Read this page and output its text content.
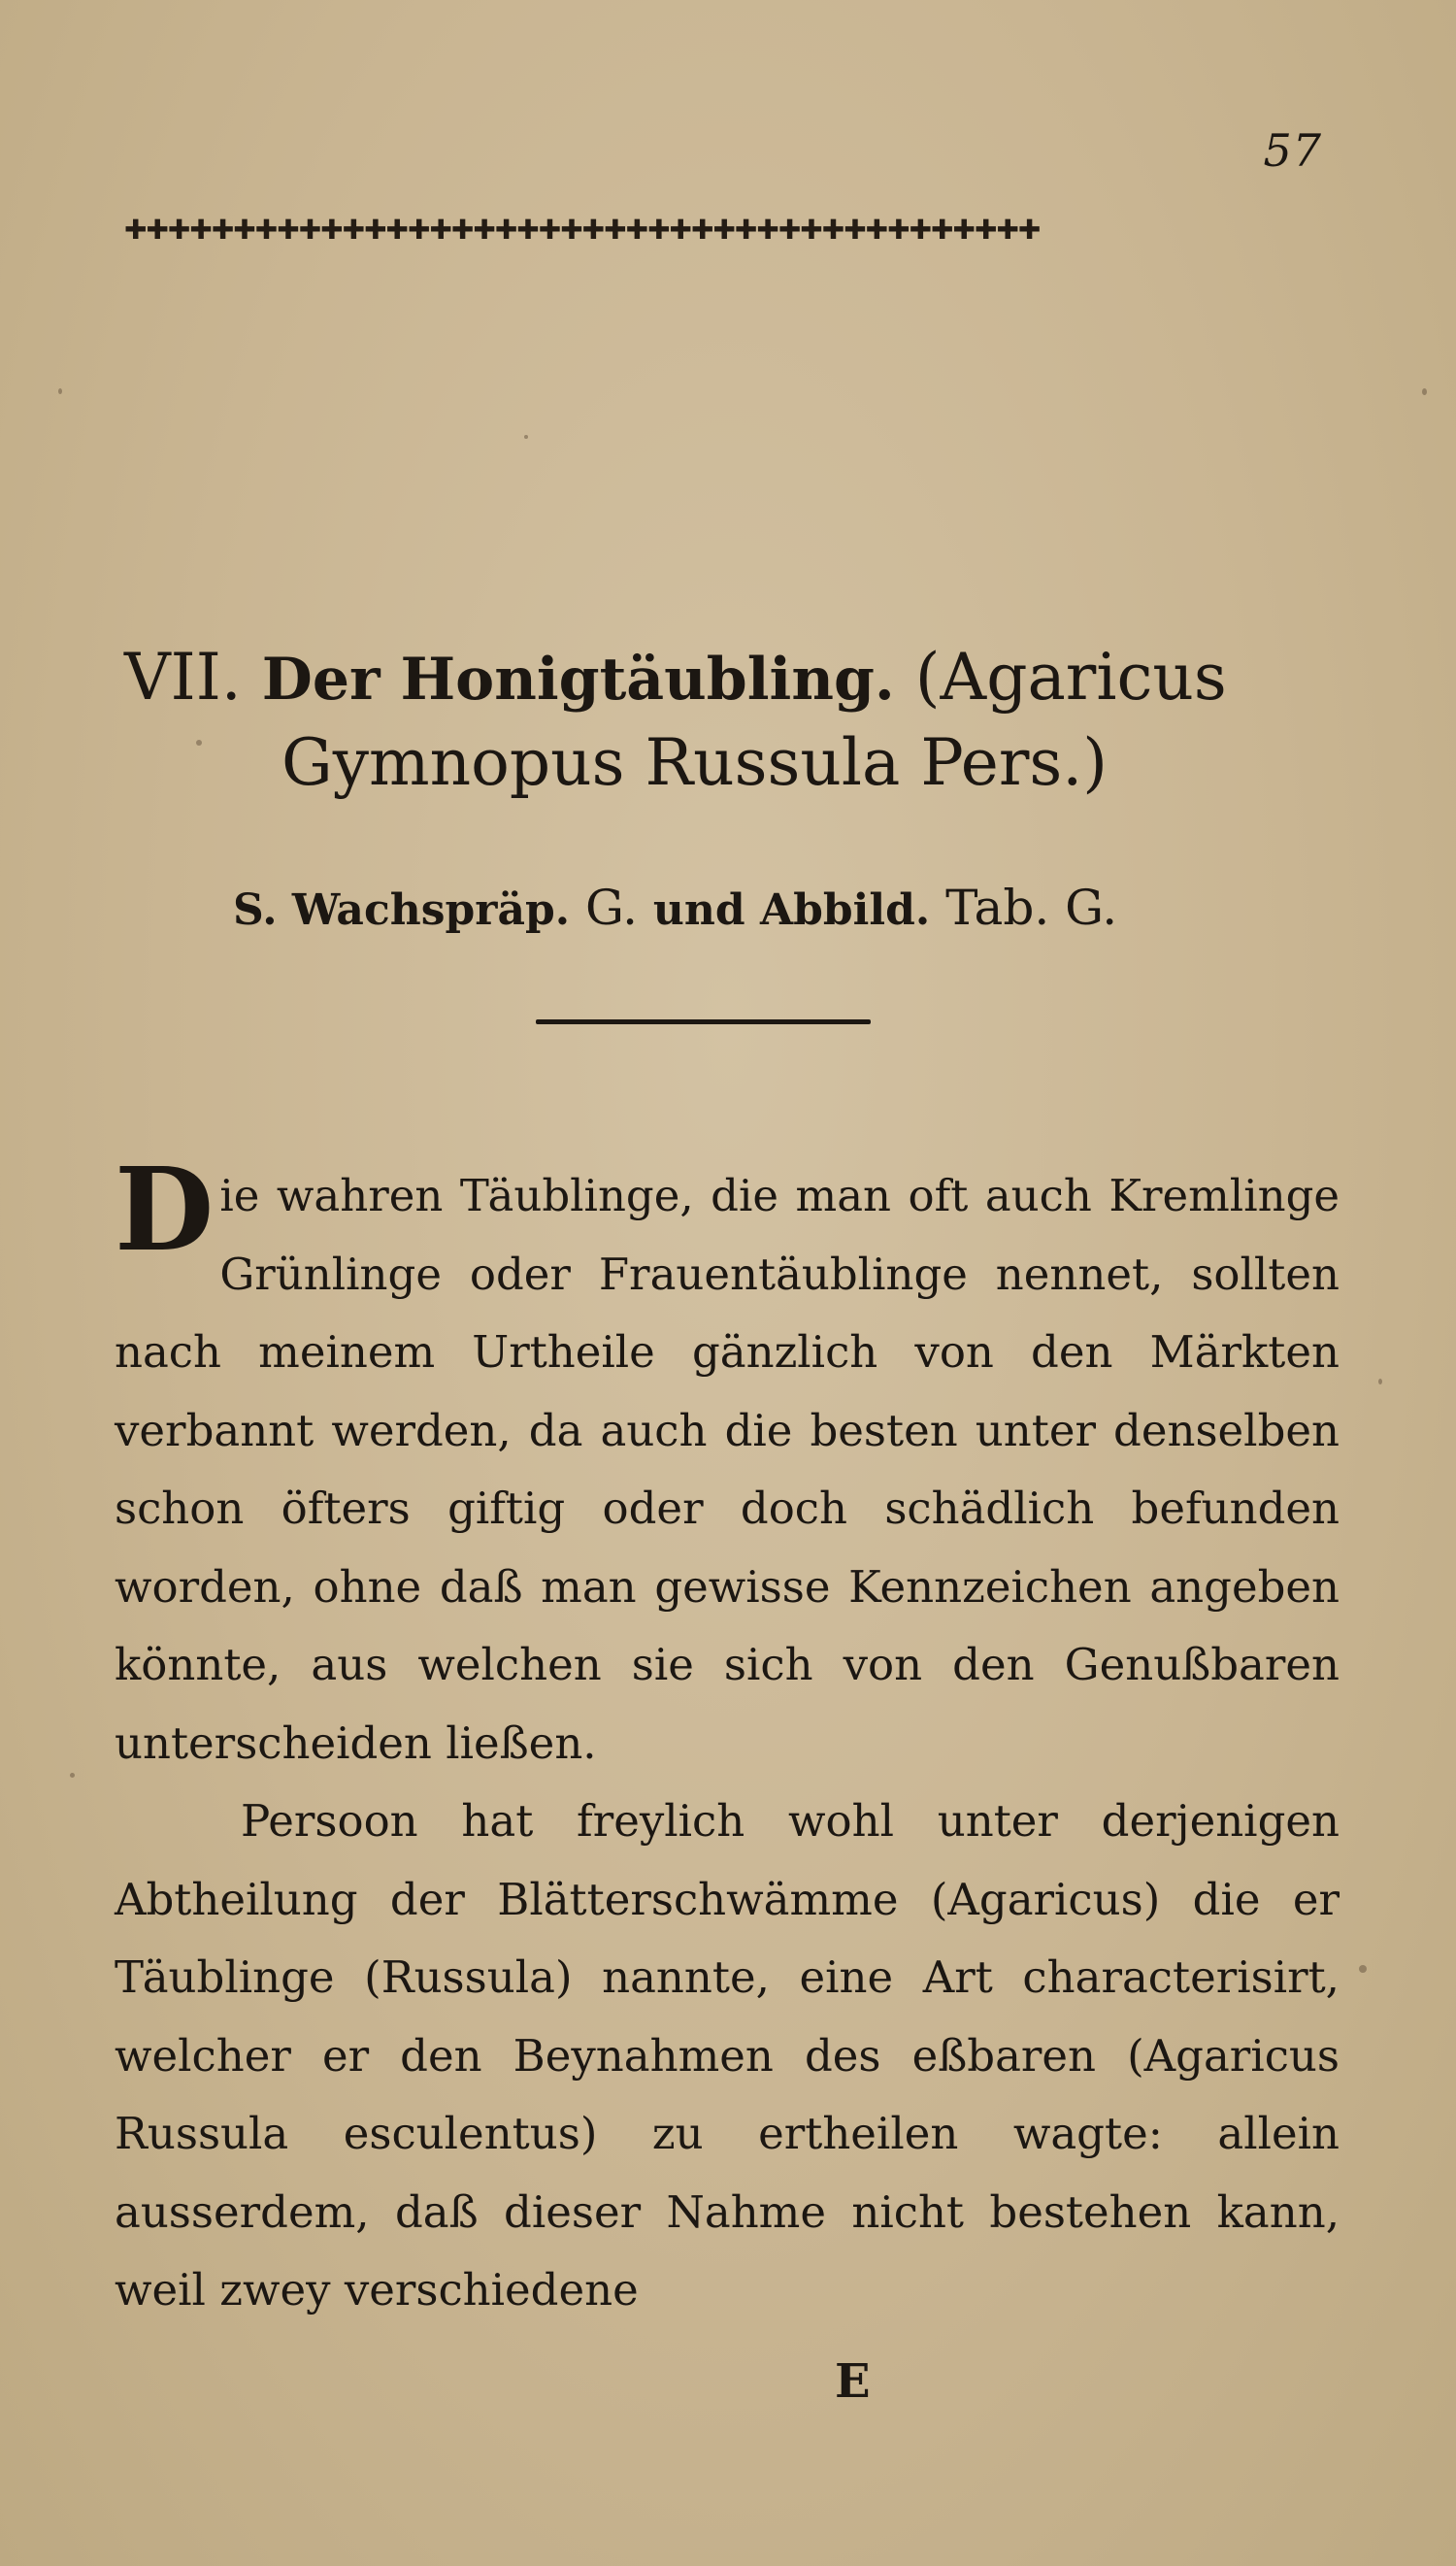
57
✚✚✚✚✚✚✚✚✚✚✚✚✚✚✚✚✚✚✚✚✚✚✚✚✚✚✚✚✚✚✚✚✚✚✚✚✚✚✚✚✚✚
VII. Der Honigtäubling. (Agaricus
Gymnopus Russula Pers.)
S. Wachspräp. G. und Abbild. Tab. G.

Die wahren Täublinge, die man oft auch Kremlinge Grünlinge oder Frauentäublinge nennet, sollten nach meinem Urtheile gänzlich von den Märkten verbannt werden, da auch die besten unter denselben schon öfters giftig oder doch schädlich befunden worden, ohne daß man gewisse Kennzeichen angeben könnte, aus welchen sie sich von den Genußbaren unterscheiden ließen.

Persoon hat freylich wohl unter derjenigen Abtheilung der Blätterschwämme (Agaricus) die er Täublinge (Russula) nannte, eine Art characterisirt, welcher er den Beynahmen des eßbaren (Agaricus Russula esculentus) zu ertheilen wagte: allein ausserdem, daß dieser Nahme nicht bestehen kann, weil zwey verschiedene

E
